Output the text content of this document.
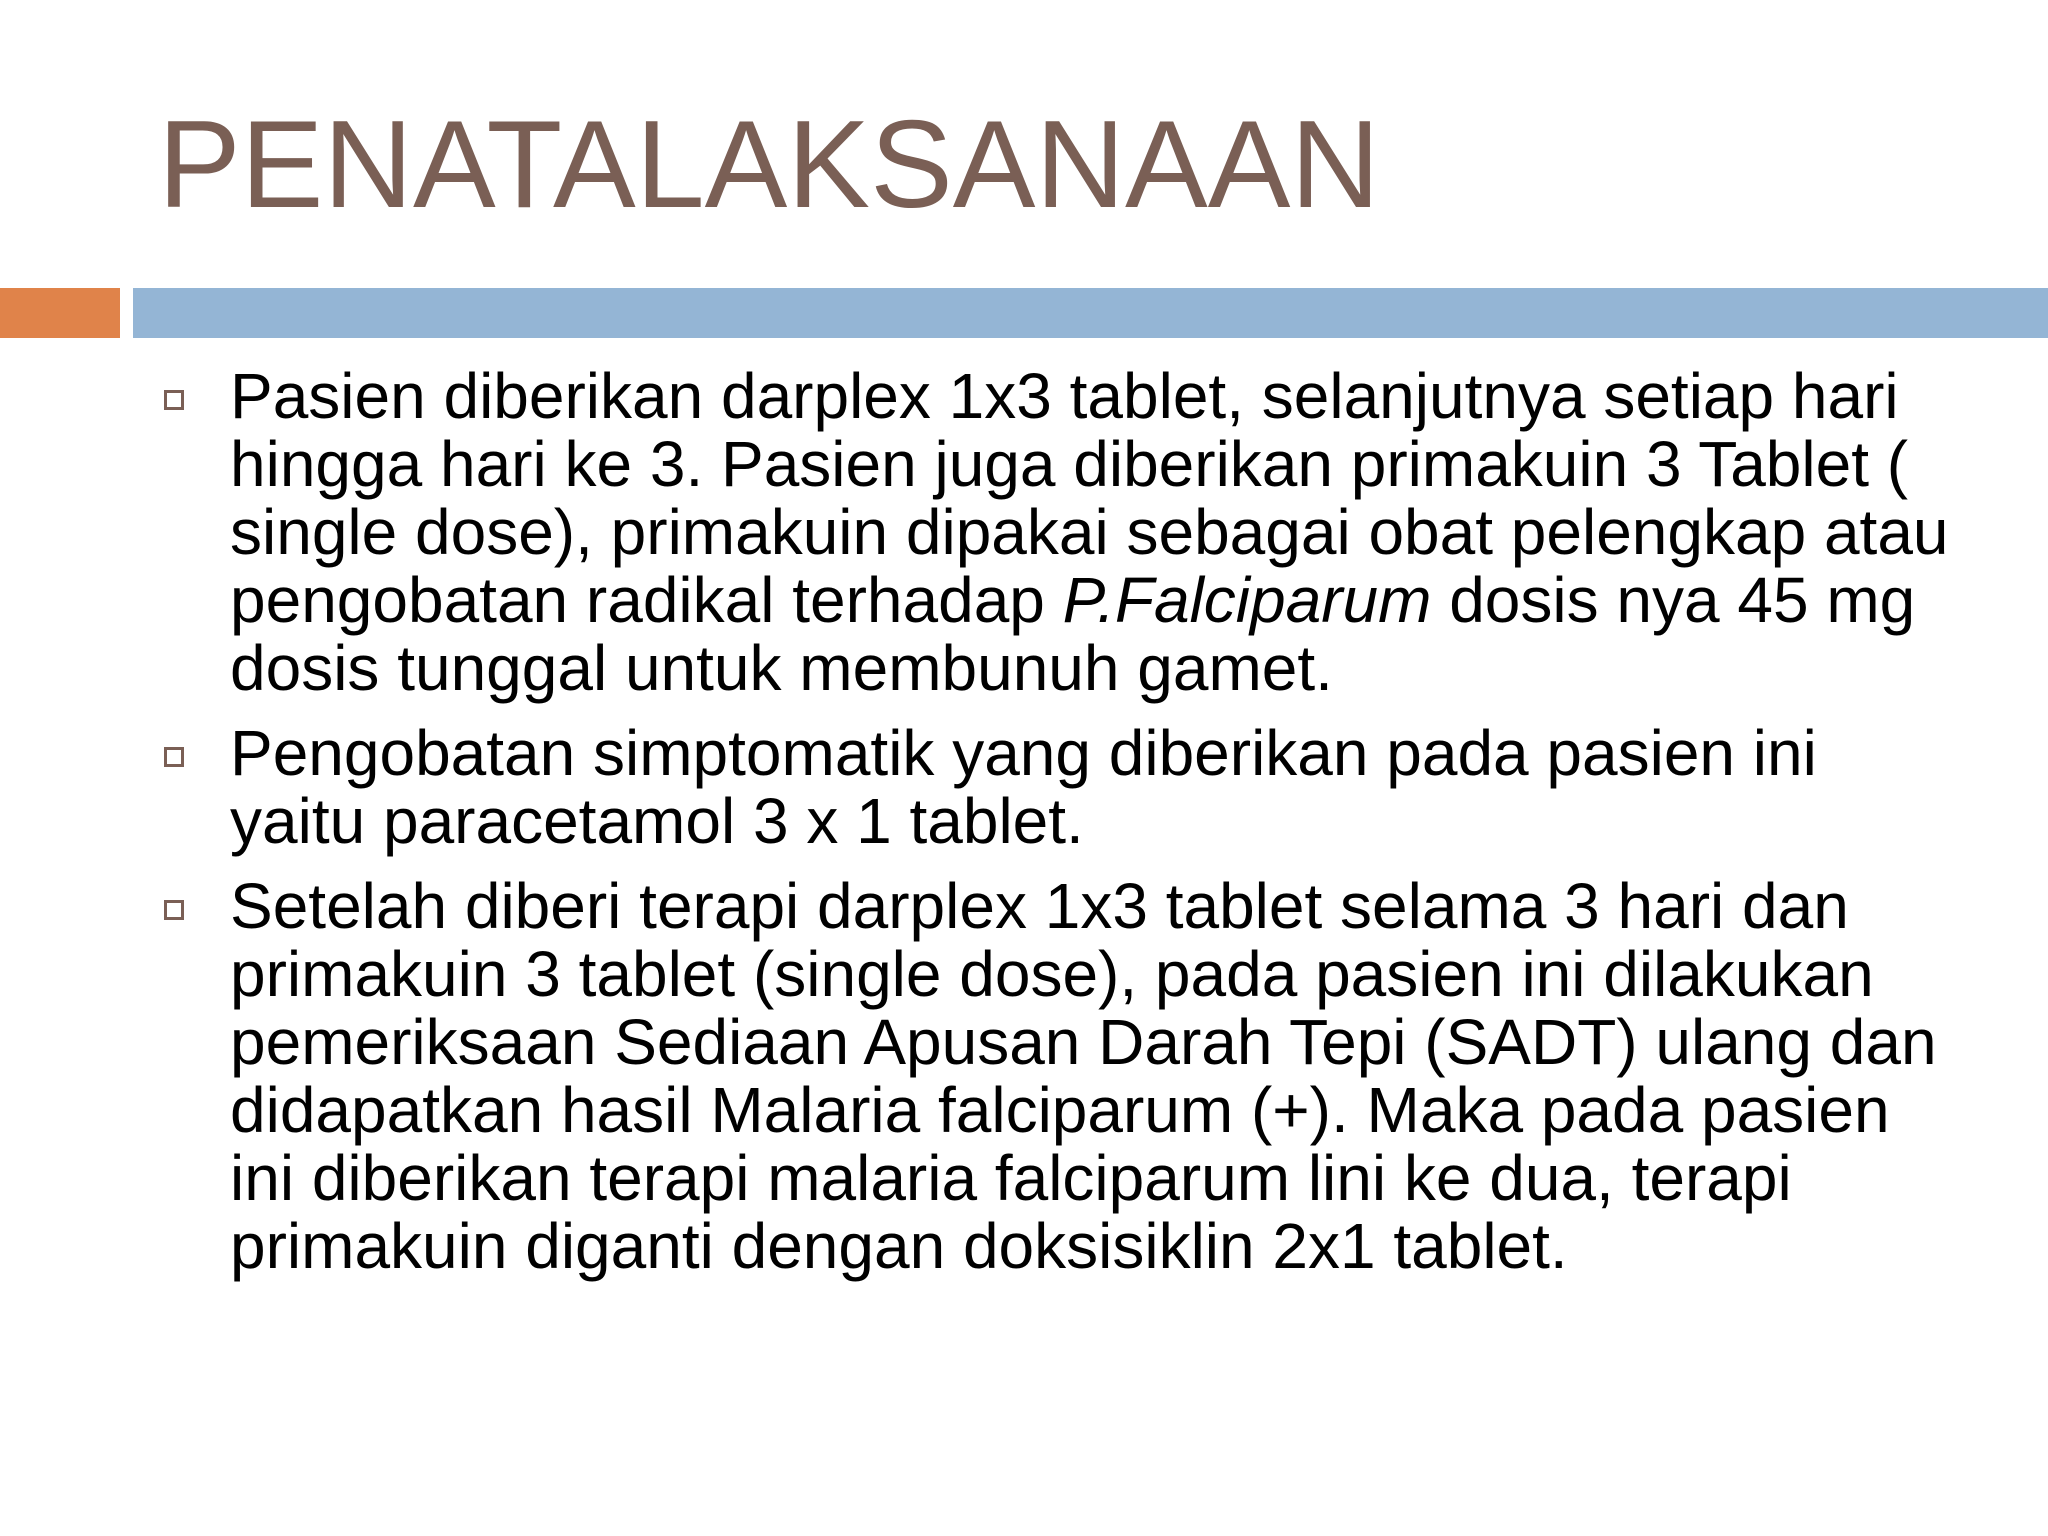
PENATALAKSANAAN
Pasien diberikan darplex 1x3 tablet, selanjutnya setiap hari hingga hari ke 3. Pasien juga diberikan primakuin 3 Tablet ( single dose), primakuin dipakai sebagai obat pelengkap atau pengobatan radikal terhadap P.Falciparum dosis nya 45 mg dosis tunggal untuk membunuh gamet.
Pengobatan simptomatik yang diberikan pada pasien ini yaitu paracetamol 3 x 1 tablet.
Setelah diberi terapi darplex 1x3 tablet selama 3 hari dan primakuin 3 tablet (single dose), pada pasien ini dilakukan pemeriksaan Sediaan Apusan Darah Tepi (SADT) ulang dan didapatkan hasil Malaria falciparum (+). Maka pada pasien ini diberikan terapi malaria falciparum lini ke dua, terapi primakuin diganti dengan doksisiklin 2x1 tablet.
